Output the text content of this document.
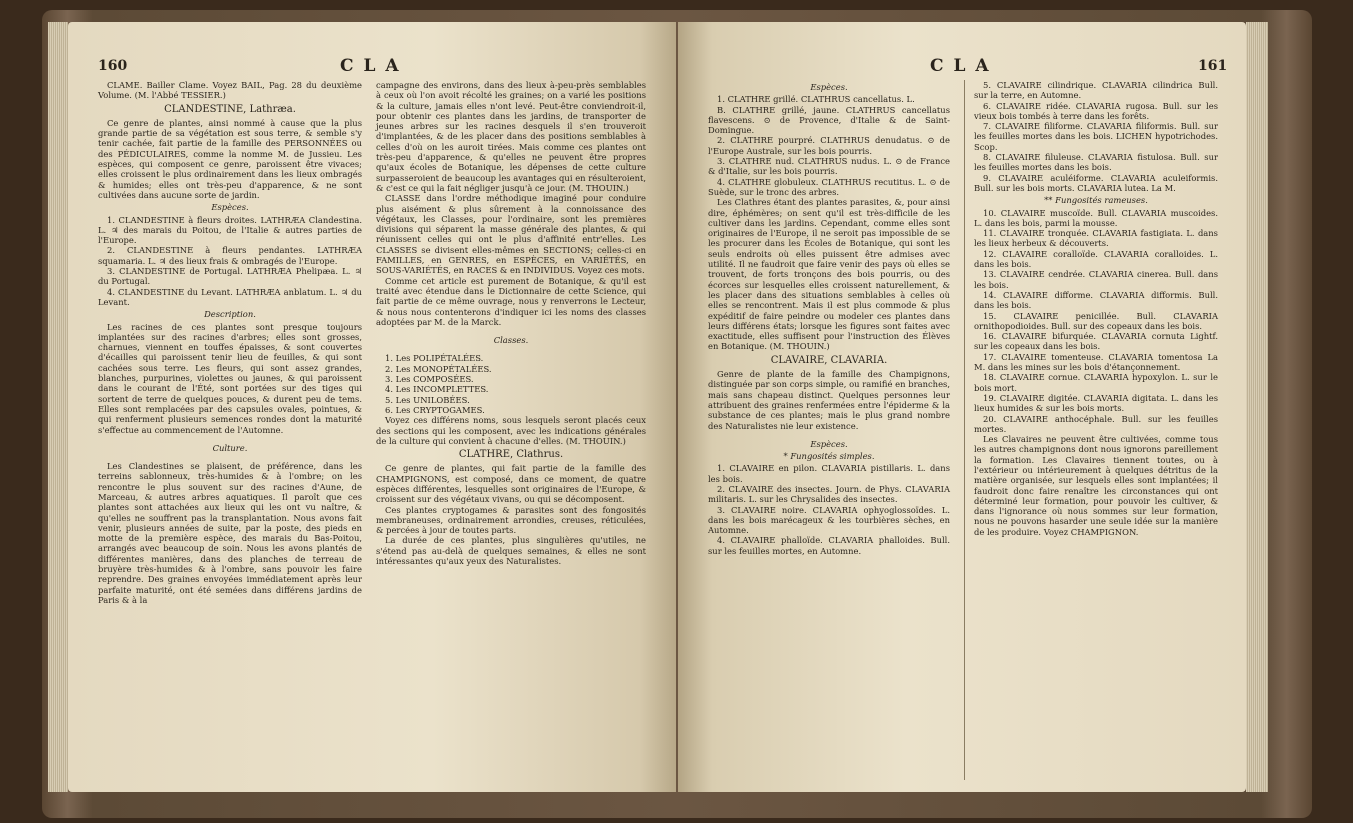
160	C L A

CLAME. Bailler Clame. Voyez BAIL, Pag. 28 du deuxième Volume. (M. l'Abbé TESSIER.)

CLANDESTINE, Lathræa.

Ce genre de plantes, ainsi nommé à cause que la plus grande partie de sa végétation est sous terre, & semble s'y tenir cachée, fait partie de la famille des PERSONNÉES ou des PÉDICULAIRES, comme la nomme M. de Jussieu. Les espèces, qui composent ce genre, paroissent être vivaces; elles croissent le plus ordinairement dans les lieux ombragés & humides; elles ont très-peu d'apparence, & ne sont cultivées dans aucune sorte de jardin.

Espèces.

1. CLANDESTINE à fleurs droites. LATHRÆA Clandestina. L. ♃ des marais du Poitou, de l'Italie & autres parties de l'Europe.

2. CLANDESTINE à fleurs pendantes. LATHRÆA squamaria. L. ♃ des lieux frais & ombragés de l'Europe.

3. CLANDESTINE de Portugal. LATHRÆA Phelipæa. L. ♃ du Portugal.

4. CLANDESTINE du Levant. LATHRÆA anblatum. L. ♃ du Levant.

Description.

Les racines de ces plantes sont presque toujours implantées sur des racines d'arbres; elles sont grosses, charnues, viennent en touffes épaisses, & sont couvertes d'écailles qui paroissent tenir lieu de feuilles, & qui sont cachées sous terre. Les fleurs, qui sont assez grandes, blanches, purpurines, violettes ou jaunes, & qui paroissent dans le courant de l'Été, sont portées sur des tiges qui sortent de terre de quelques pouces, & durent peu de tems. Elles sont remplacées par des capsules ovales, pointues, & qui renferment plusieurs semences rondes dont la maturité s'effectue au commencement de l'Automne.

Culture.

Les Clandestines se plaisent, de préférence, dans les terreins sablonneux, très-humides & à l'ombre; on les rencontre le plus souvent sur des racines d'Aune, de Marceau, & autres arbres aquatiques. Il paroît que ces plantes sont attachées aux lieux qui les ont vu naître, & qu'elles ne souffrent pas la transplantation. Nous avons fait venir, plusieurs années de suite, par la poste, des pieds en motte de la première espèce, des marais du Bas-Poitou, arrangés avec beaucoup de soin. Nous les avons plantés de différentes manières, dans des planches de terreau de bruyère très-humides & à l'ombre, sans pouvoir les faire reprendre. Des graines envoyées immédiatement après leur parfaite maturité, ont été semées dans différens jardins de Paris & à la

campagne des environs, dans des lieux à-peu-près semblables à ceux où l'on avoit récolté les graines; on a varié les positions & la culture, jamais elles n'ont levé. Peut-être conviendroit-il, pour obtenir ces plantes dans les jardins, de transporter de jeunes arbres sur les racines desquels il s'en trouveroit d'implantées, & de les placer dans des positions semblables à celles d'où on les auroit tirées. Mais comme ces plantes ont très-peu d'apparence, & qu'elles ne peuvent être propres qu'aux écoles de Botanique, les dépenses de cette culture surpasseroient de beaucoup les avantages qui en résulteroient, & c'est ce qui la fait négliger jusqu'à ce jour. (M. THOUIN.)

CLASSE dans l'ordre méthodique imaginé pour conduire plus aisément & plus sûrement à la connoissance des végétaux, les Classes, pour l'ordinaire, sont les premières divisions qui séparent la masse générale des plantes, & qui réunissent celles qui ont le plus d'affinité entr'elles. Les CLASSES se divisent elles-mêmes en SECTIONS; celles-ci en FAMILLES, en GENRES, en ESPÈCES, en VARIÉTÉS, en SOUS-VARIÉTÉS, en RACES & en INDIVIDUS. Voyez ces mots.

Comme cet article est purement de Botanique, & qu'il est traité avec étendue dans le Dictionnaire de cette Science, qui fait partie de ce même ouvrage, nous y renverrons le Lecteur, & nous nous contenterons d'indiquer ici les noms des classes adoptées par M. de la Marck.

Classes.

1. Les POLIPÉTALÉES.

2. Les MONOPÉTALÉES.

3. Les COMPOSÉES.

4. Les INCOMPLETTES.

5. Les UNILOBÉES.

6. Les CRYPTOGAMES.

Voyez ces différens noms, sous lesquels seront placés ceux des sections qui les composent, avec les indications générales de la culture qui convient à chacune d'elles. (M. THOUIN.)

CLATHRE, Clathrus.

Ce genre de plantes, qui fait partie de la famille des CHAMPIGNONS, est composé, dans ce moment, de quatre espèces différentes, lesquelles sont originaires de l'Europe, & croissent sur des végétaux vivans, ou qui se décomposent.

Ces plantes cryptogames & parasites sont des fongosités membraneuses, ordinairement arrondies, creuses, réticulées, & percées à jour de toutes parts.

La durée de ces plantes, plus singulières qu'utiles, ne s'étend pas au-delà de quelques semaines, & elles ne sont intéressantes qu'aux yeux des Naturalistes.

C L A	161

Espèces.

1. CLATHRE grillé. CLATHRUS cancellatus. L.

B. CLATHRE grillé, jaune. CLATHRUS cancellatus flavescens. ⊙ de Provence, d'Italie & de Saint-Domingue.

2. CLATHRE pourpré. CLATHRUS denudatus. ⊙ de l'Europe Australe, sur les bois pourris.

3. CLATHRE nud. CLATHRUS nudus. L. ⊙ de France & d'Italie, sur les bois pourris.

4. CLATHRE globuleux. CLATHRUS recutitus. L. ⊙ de Suède, sur le tronc des arbres.

Les Clathres étant des plantes parasites, &, pour ainsi dire, éphémères; on sent qu'il est très-difficile de les cultiver dans les jardins. Cependant, comme elles sont originaires de l'Europe, il ne seroit pas impossible de se les procurer dans les Écoles de Botanique, qui sont les seuls endroits où elles puissent être admises avec utilité. Il ne faudroit que faire venir des pays où elles se trouvent, de forts tronçons des bois pourris, ou des écorces sur lesquelles elles croissent naturellement, & les placer dans des situations semblables à celles où elles se rencontrent. Mais il est plus commode & plus expéditif de faire peindre ou modeler ces plantes dans leurs différens états; lorsque les figures sont faites avec exactitude, elles suffisent pour l'instruction des Élèves en Botanique. (M. THOUIN.)

CLAVAIRE, CLAVARIA.

Genre de plante de la famille des Champignons, distinguée par son corps simple, ou ramifié en branches, mais sans chapeau distinct. Quelques personnes leur attribuent des graines renfermées entre l'épiderme & la substance de ces plantes; mais le plus grand nombre des Naturalistes nie leur existence.

Espèces.

* Fungosités simples.

1. CLAVAIRE en pilon. CLAVARIA pistillaris. L. dans les bois.

2. CLAVAIRE des insectes. Journ. de Phys. CLAVARIA militaris. L. sur les Chrysalides des insectes.

3. CLAVAIRE noire. CLAVARIA ophyoglossoïdes. L. dans les bois marécageux & les tourbières sèches, en Automne.

4. CLAVAIRE phalloïde. CLAVARIA phalloides. Bull. sur les feuilles mortes, en Automne.

5. CLAVAIRE cilindrique. CLAVARIA cilindrica Bull. sur la terre, en Automne.

6. CLAVAIRE ridée. CLAVARIA rugosa. Bull. sur les vieux bois tombés à terre dans les forêts.

7. CLAVAIRE filiforme. CLAVARIA filiformis. Bull. sur les feuilles mortes dans les bois. LICHEN hypotrichodes. Scop.

8. CLAVAIRE filuleuse. CLAVARIA fistulosa. Bull. sur les feuilles mortes dans les bois.

9. CLAVAIRE aculéiforme. CLAVARIA aculeiformis. Bull. sur les bois morts. CLAVARIA lutea. La M.

** Fungosités rameuses.

10. CLAVAIRE muscoïde. Bull. CLAVARIA muscoides. L. dans les bois, parmi la mousse.

11. CLAVAIRE tronquée. CLAVARIA fastigiata. L. dans les lieux herbeux & découverts.

12. CLAVAIRE coralloïde. CLAVARIA coralloides. L. dans les bois.

13. CLAVAIRE cendrée. CLAVARIA cinerea. Bull. dans les bois.

14. CLAVAIRE difforme. CLAVARIA difformis. Bull. dans les bois.

15. CLAVAIRE penicillée. Bull. CLAVARIA ornithopodioides. Bull. sur des copeaux dans les bois.

16. CLAVAIRE bifurquée. CLAVARIA cornuta Lightf. sur les copeaux dans les bois.

17. CLAVAIRE tomenteuse. CLAVARIA tomentosa La M. dans les mines sur les bois d'étançonnement.

18. CLAVAIRE cornue. CLAVARIA hypoxylon. L. sur le bois mort.

19. CLAVAIRE digitée. CLAVARIA digitata. L. dans les lieux humides & sur les bois morts.

20. CLAVAIRE anthocéphale. Bull. sur les feuilles mortes.

Les Clavaires ne peuvent être cultivées, comme tous les autres champignons dont nous ignorons pareillement la formation. Les Clavaires tiennent toutes, ou à l'extérieur ou intérieurement à quelques détritus de la matière organisée, sur lesquels elles sont implantées; il faudroit donc faire renaître les circonstances qui ont déterminé leur formation, pour pouvoir les cultiver, & dans l'ignorance où nous sommes sur leur formation, nous ne pouvons hasarder une seule idée sur la manière de les produire. Voyez CHAMPIGNON.
